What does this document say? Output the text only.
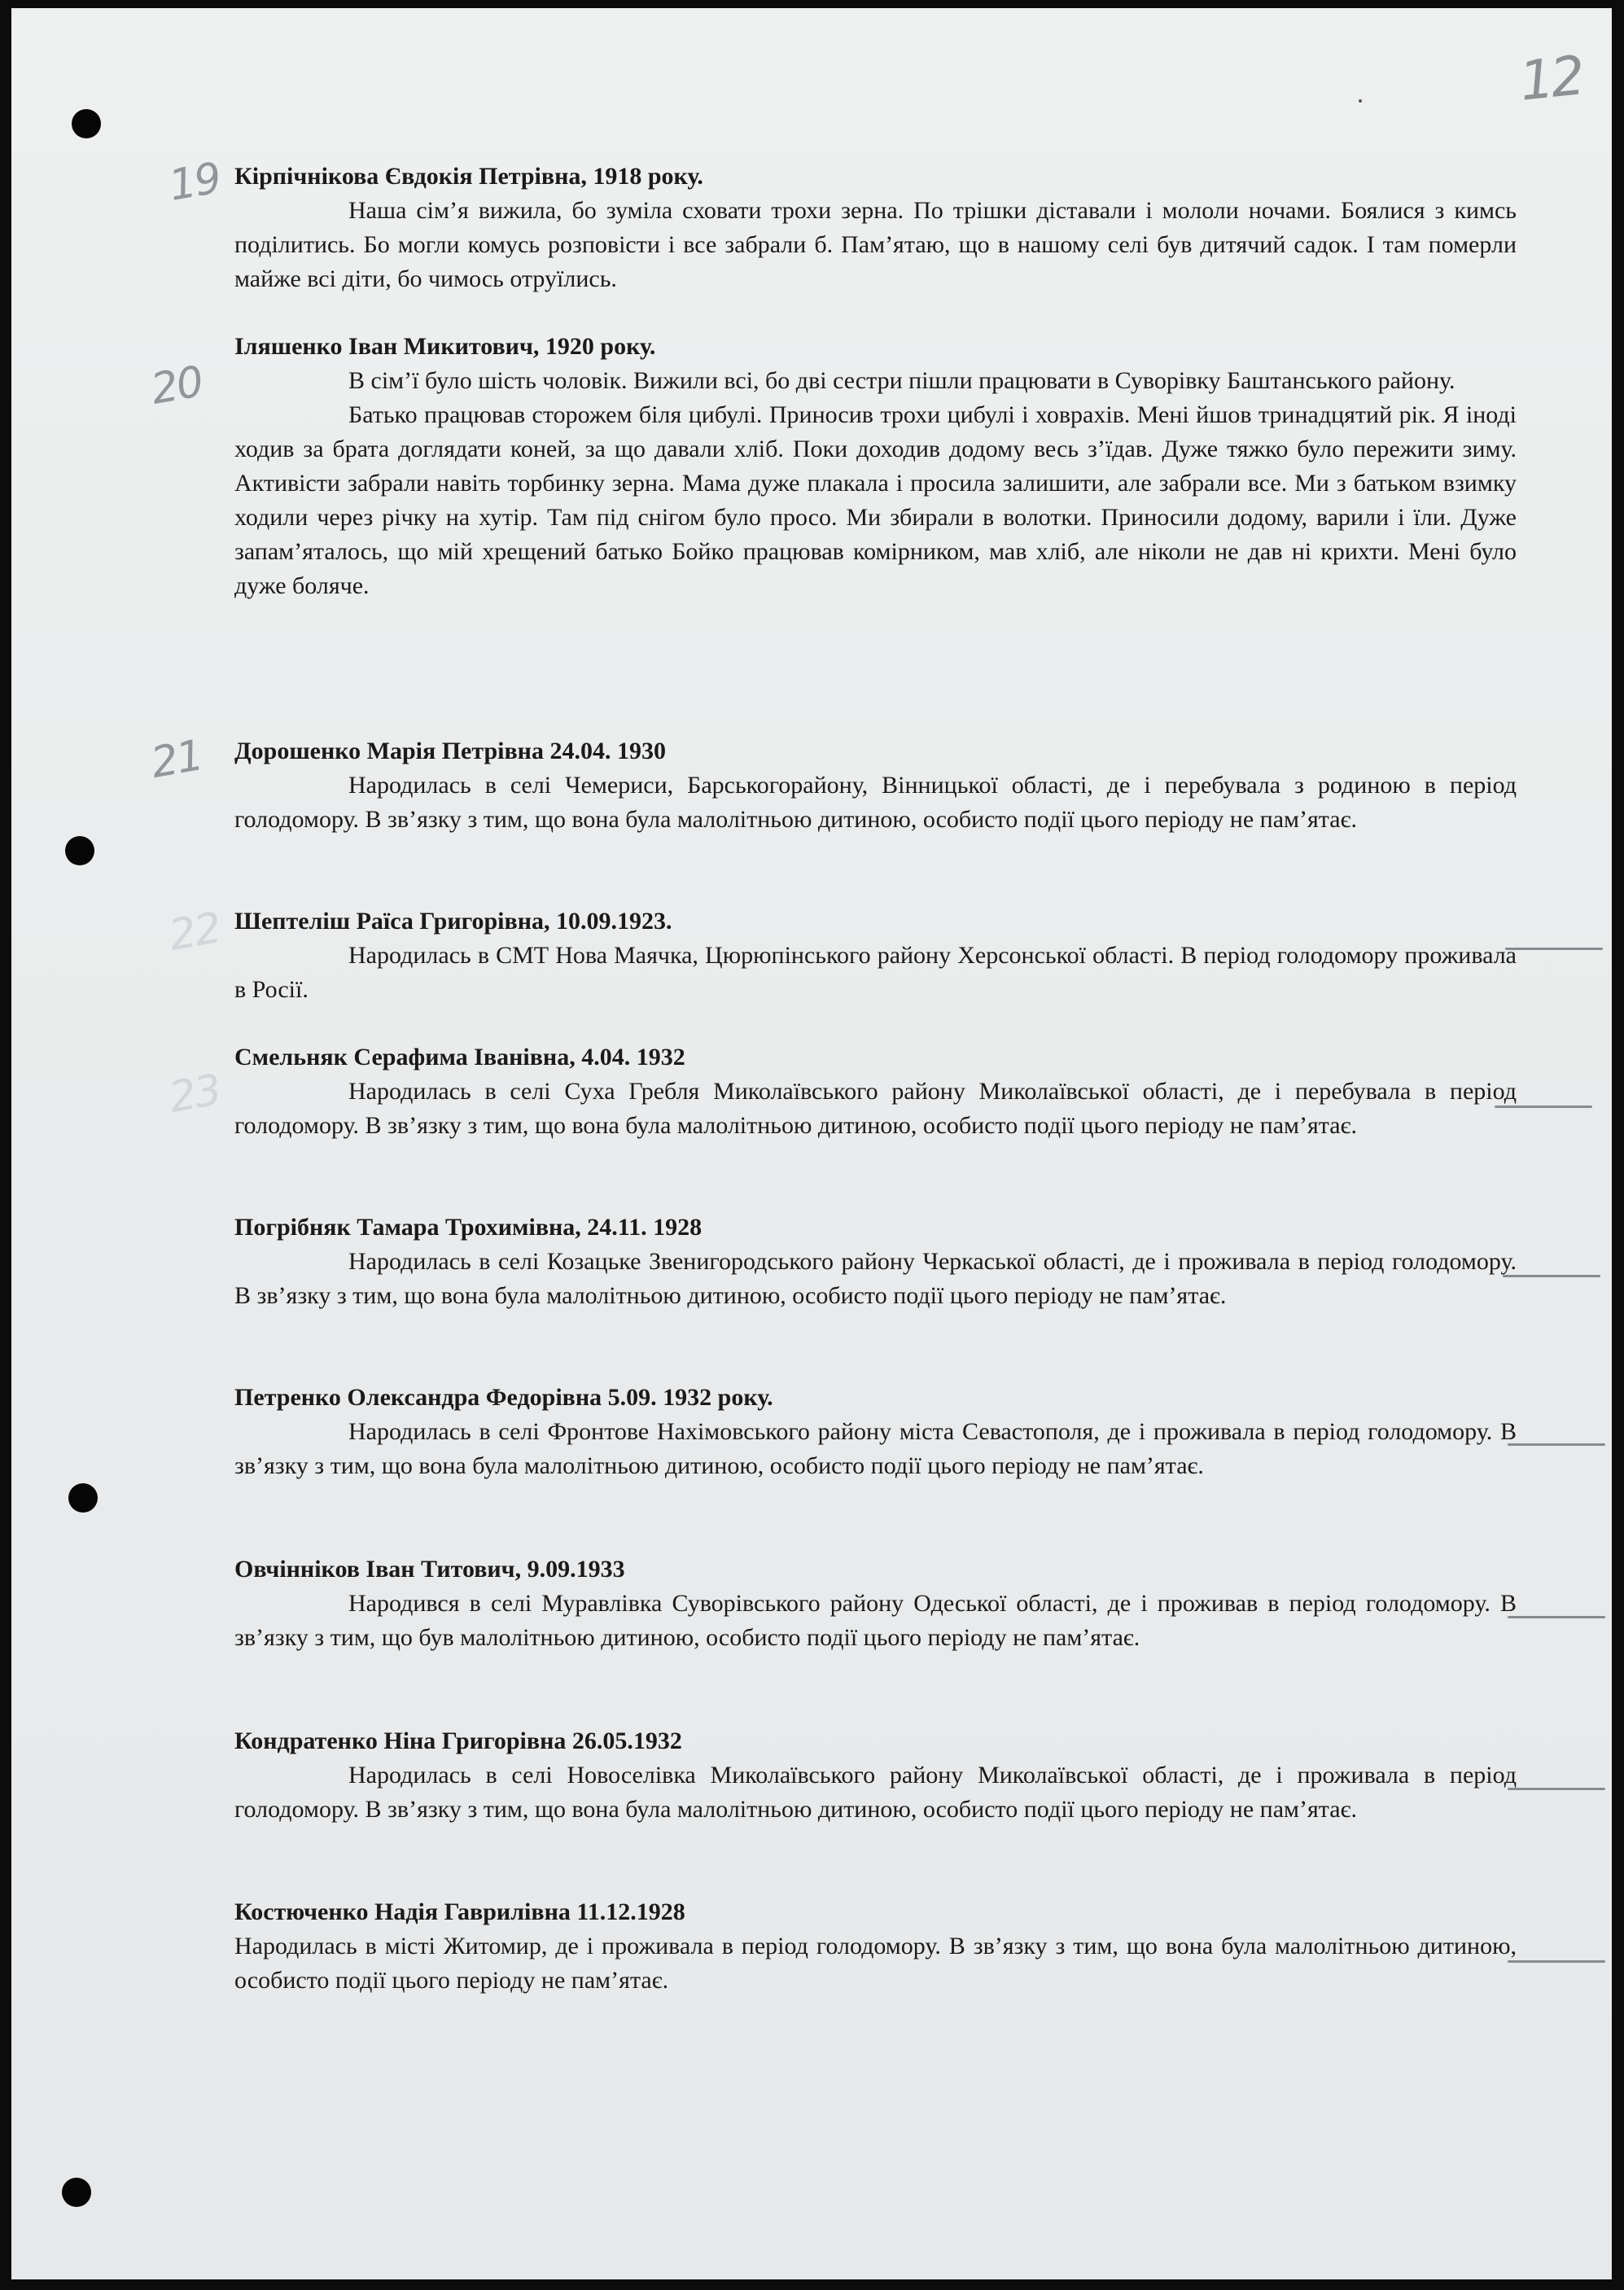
12
19
20
21
22
23
Кірпічнікова Євдокія Петрівна, 1918 року.

Наша сім’я вижила, бо зуміла сховати трохи зерна. По трішки діставали і мололи ночами. Боялися з кимсь поділитись. Бо могли комусь розповісти і все забрали б. Пам’ятаю, що в нашому селі був дитячий садок. І там померли майже всі діти, бо чимось отруїлись.

Іляшенко Іван Микитович, 1920 року.

В сім’ї було шість чоловік. Вижили всі, бо дві сестри пішли працювати в Суворівку Баштанського району.

Батько працював сторожем біля цибулі. Приносив трохи цибулі і ховрахів. Мені йшов тринадцятий рік. Я іноді ходив за брата доглядати коней, за що давали хліб. Поки доходив додому весь з’їдав. Дуже тяжко було пережити зиму. Активісти забрали навіть торбинку зерна. Мама дуже плакала і просила залишити, але забрали все. Ми з батьком взимку ходили через річку на хутір. Там під снігом було просо. Ми збирали в волотки. Приносили додому, варили і їли. Дуже запам’яталось, що мій хрещений батько Бойко працював комірником, мав хліб, але ніколи не дав ні крихти. Мені було дуже боляче.

Дорошенко Марія Петрівна 24.04. 1930

Народилась в селі Чемериси, Барськогорайону, Вінницької області, де і перебувала з родиною в період голодомору. В зв’язку з тим, що вона була малолітньою дитиною, особисто події цього періоду не пам’ятає.

Шептеліш Раїса Григорівна, 10.09.1923.

Народилась в СМТ Нова Маячка, Цюрюпінського району Херсонської області. В період голодомору проживала в Росії.

Смельняк Серафима Іванівна, 4.04. 1932

Народилась в селі Суха Гребля Миколаївського району Миколаївської області, де і перебувала в період голодомору. В зв’язку з тим, що вона була малолітньою дитиною, особисто події цього періоду не пам’ятає.

Погрібняк Тамара Трохимівна, 24.11. 1928

Народилась в селі Козацьке Звенигородського району Черкаської області, де і проживала в період голодомору. В зв’язку з тим, що вона була малолітньою дитиною, особисто події цього періоду не пам’ятає.

Петренко Олександра Федорівна 5.09. 1932 року.

Народилась в селі Фронтове Нахімовського району міста Севастополя, де і проживала в період голодомору. В зв’язку з тим, що вона була малолітньою дитиною, особисто події цього періоду не пам’ятає.

Овчінніков Іван Титович, 9.09.1933

Народився в селі Муравлівка Суворівського району Одеської області, де і проживав в період голодомору. В зв’язку з тим, що був малолітньою дитиною, особисто події цього періоду не пам’ятає.

Кондратенко Ніна Григорівна 26.05.1932

Народилась в селі Новоселівка Миколаївського району Миколаївської області, де і проживала в період голодомору. В зв’язку з тим, що вона була малолітньою дитиною, особисто події цього періоду не пам’ятає.

Костюченко Надія Гаврилівна 11.12.1928

Народилась в місті Житомир, де і проживала в період голодомору. В зв’язку з тим, що вона була малолітньою дитиною, особисто події цього періоду не пам’ятає.
